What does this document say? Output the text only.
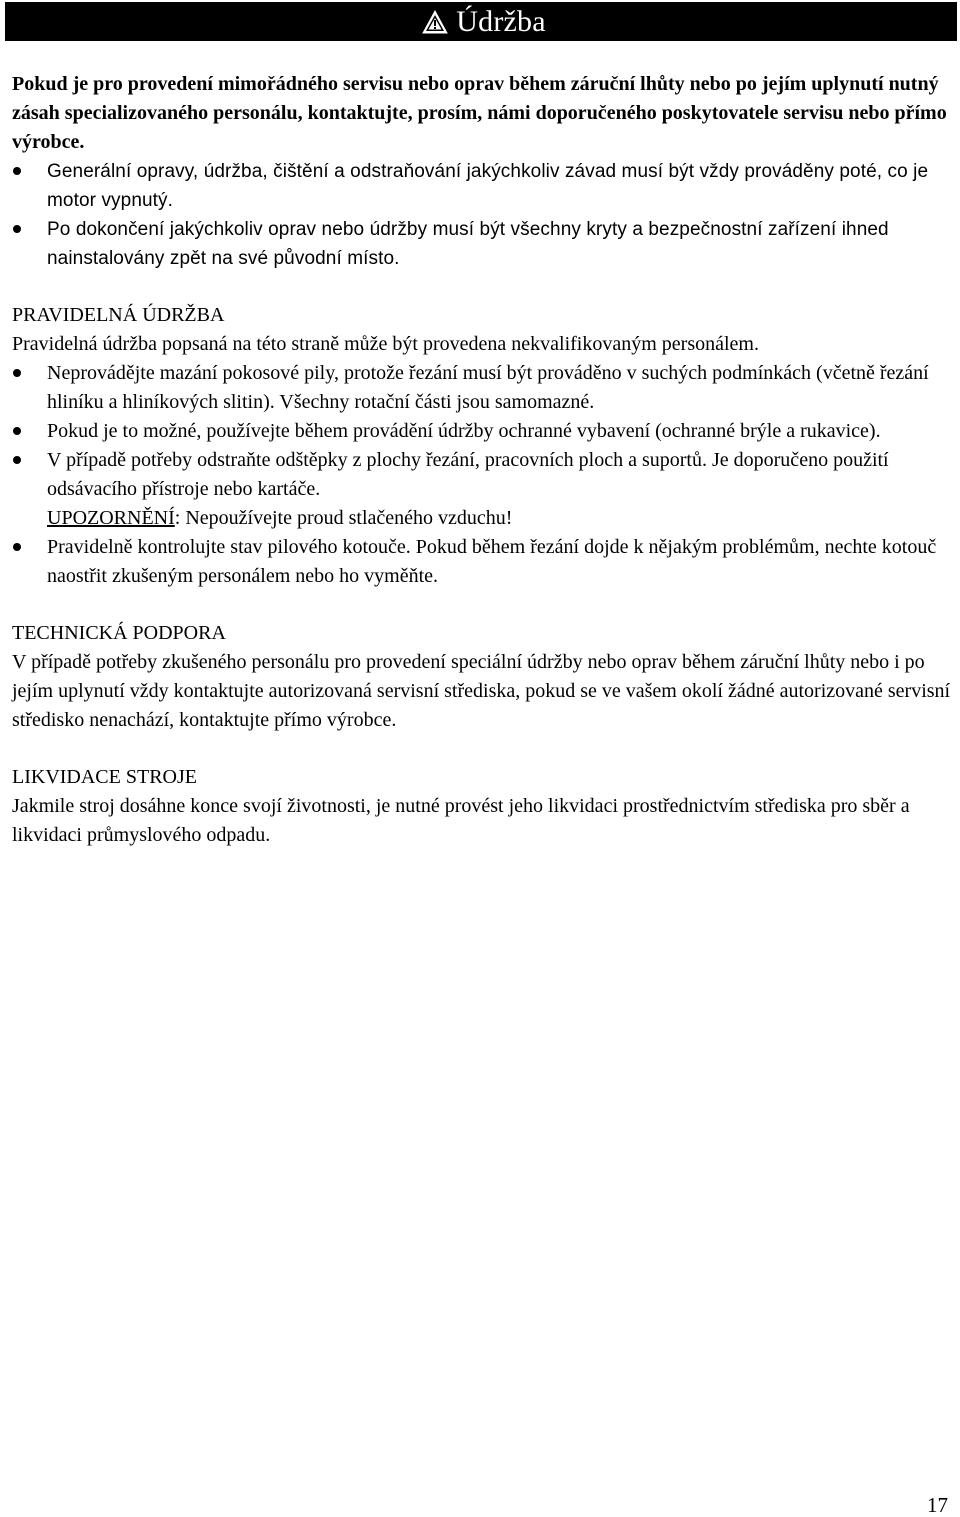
Údržba

Pokud je pro provedení mimořádného servisu nebo oprav během záruční lhůty nebo po jejím uplynutí nutný zásah specializovaného personálu, kontaktujte, prosím, námi doporučeného poskytovatele servisu nebo přímo výrobce.

Generální opravy, údržba, čištění a odstraňování jakýchkoliv závad musí být vždy prováděny poté, co je motor vypnutý.
Po dokončení jakýchkoliv oprav nebo údržby musí být všechny kryty a bezpečnostní zařízení ihned nainstalovány zpět na své původní místo.

PRAVIDELNÁ ÚDRŽBA

Pravidelná údržba popsaná na této straně může být provedena nekvalifikovaným personálem.

Neprovádějte mazání pokosové pily, protože řezání musí být prováděno v suchých podmínkách (včetně řezání hliníku a hliníkových slitin). Všechny rotační části jsou samomazné.
Pokud je to možné, používejte během provádění údržby ochranné vybavení (ochranné brýle a rukavice).
V případě potřeby odstraňte odštěpky z plochy řezání, pracovních ploch a suportů. Je doporučeno použití odsávacího přístroje nebo kartáče.
UPOZORNĚNÍ: Nepoužívejte proud stlačeného vzduchu!
Pravidelně kontrolujte stav pilového kotouče. Pokud během řezání dojde k nějakým problémům, nechte kotouč naostřit zkušeným personálem nebo ho vyměňte.

TECHNICKÁ PODPORA

V případě potřeby zkušeného personálu pro provedení speciální údržby nebo oprav během záruční lhůty nebo i po jejím uplynutí vždy kontaktujte autorizovaná servisní střediska, pokud se ve vašem okolí žádné autorizované servisní středisko nenachází, kontaktujte přímo výrobce.

LIKVIDACE STROJE

Jakmile stroj dosáhne konce svojí životnosti, je nutné provést jeho likvidaci prostřednictvím střediska pro sběr a likvidaci průmyslového odpadu.

17
